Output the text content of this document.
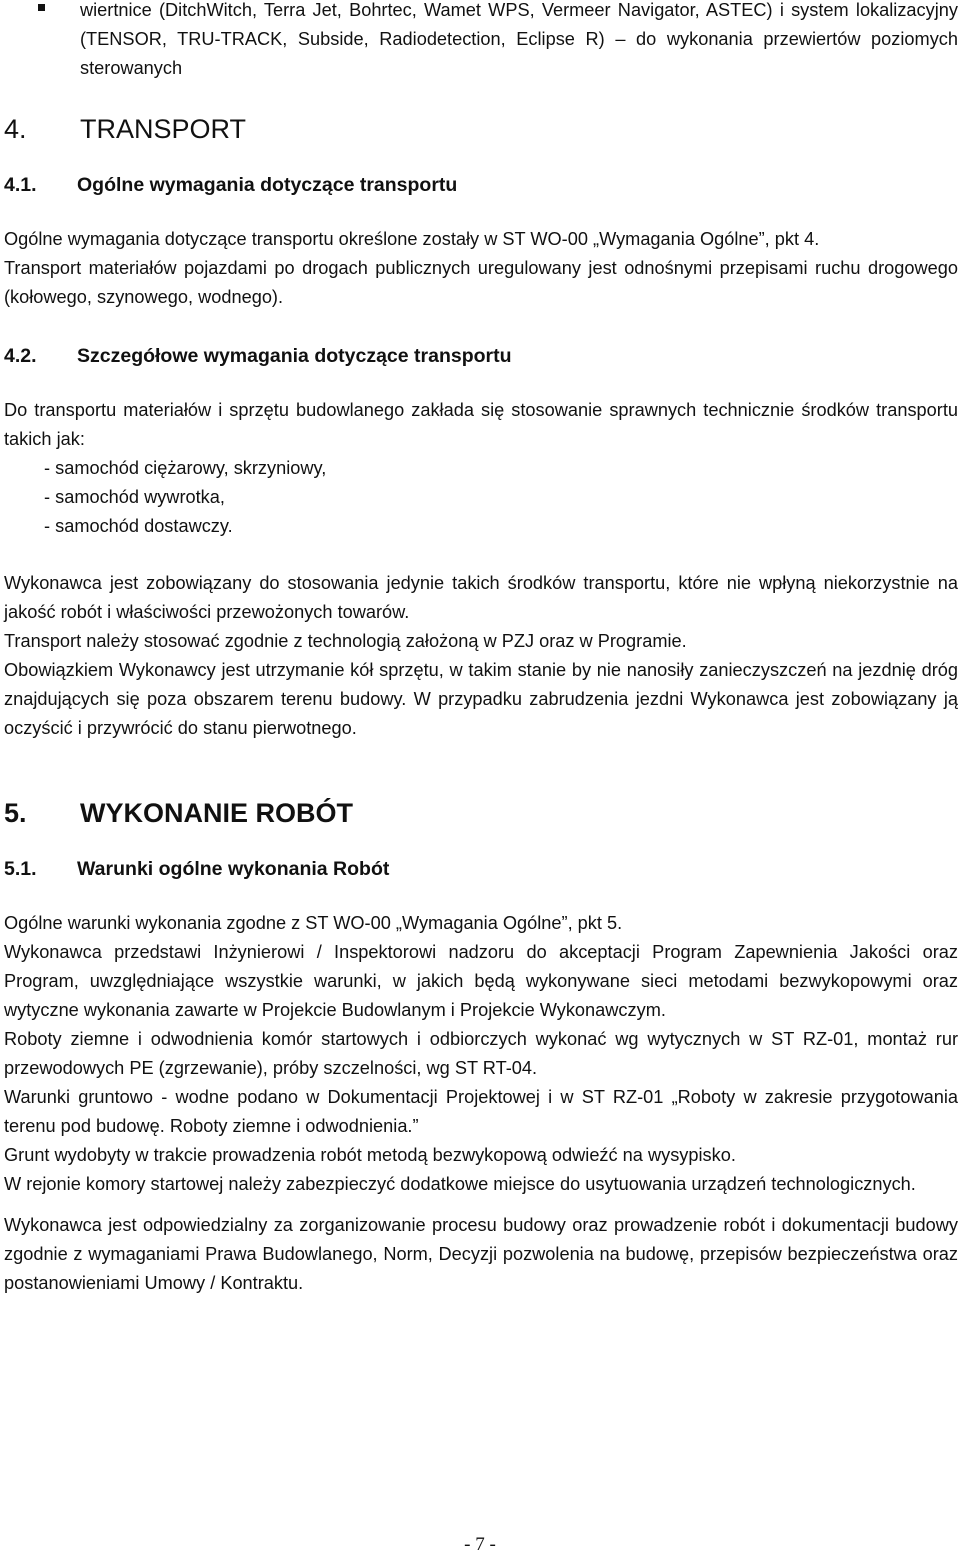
wiertnice (DitchWitch, Terra Jet, Bohrtec, Wamet WPS, Vermeer Navigator, ASTEC) i system lokalizacyjny (TENSOR, TRU-TRACK, Subside, Radiodetection, Eclipse R) – do wykonania przewiertów poziomych sterowanych
4.	TRANSPORT
4.1.	Ogólne wymagania dotyczące transportu

Ogólne wymagania dotyczące transportu określone zostały w ST WO-00 „Wymagania Ogólne”, pkt 4.

Transport materiałów pojazdami po drogach publicznych uregulowany jest odnośnymi przepisami ruchu drogowego (kołowego, szynowego, wodnego).

4.2.	Szczegółowe wymagania dotyczące transportu

Do transportu materiałów i sprzętu budowlanego zakłada się stosowanie sprawnych technicznie środków transportu takich jak:

- samochód ciężarowy, skrzyniowy,
- samochód wywrotka,
- samochód dostawczy.

Wykonawca jest zobowiązany do stosowania jedynie takich środków transportu, które nie wpłyną niekorzystnie na jakość robót i właściwości przewożonych towarów.

Transport należy stosować zgodnie z technologią założoną w PZJ oraz w Programie.

Obowiązkiem Wykonawcy jest utrzymanie kół sprzętu, w takim stanie by nie nanosiły zanieczyszczeń na jezdnię dróg znajdujących się poza obszarem terenu budowy. W przypadku zabrudzenia jezdni Wykonawca jest zobowiązany ją oczyścić i przywrócić do stanu pierwotnego.

5.	WYKONANIE ROBÓT
5.1.	Warunki ogólne wykonania Robót

Ogólne warunki wykonania zgodne z ST WO-00 „Wymagania Ogólne”, pkt 5.

Wykonawca przedstawi Inżynierowi / Inspektorowi nadzoru do akceptacji Program Zapewnienia Jakości oraz Program, uwzględniające wszystkie warunki, w jakich będą wykonywane sieci metodami bezwykopowymi oraz wytyczne wykonania zawarte w Projekcie Budowlanym i Projekcie Wykonawczym.

Roboty ziemne i odwodnienia komór startowych i odbiorczych wykonać wg wytycznych w ST RZ-01, montaż rur przewodowych PE (zgrzewanie), próby szczelności, wg ST RT-04.

Warunki gruntowo - wodne podano w Dokumentacji Projektowej i w ST RZ-01 „Roboty w zakresie przygotowania terenu pod budowę. Roboty ziemne i odwodnienia.”

Grunt wydobyty w trakcie prowadzenia robót metodą bezwykopową odwieźć na wysypisko.

W rejonie komory startowej należy zabezpieczyć dodatkowe miejsce do usytuowania urządzeń technologicznych.

Wykonawca jest odpowiedzialny za zorganizowanie procesu budowy oraz prowadzenie robót i dokumentacji budowy zgodnie z wymaganiami Prawa Budowlanego, Norm, Decyzji pozwolenia na budowę, przepisów bezpieczeństwa oraz postanowieniami Umowy / Kontraktu.

- 7 -
